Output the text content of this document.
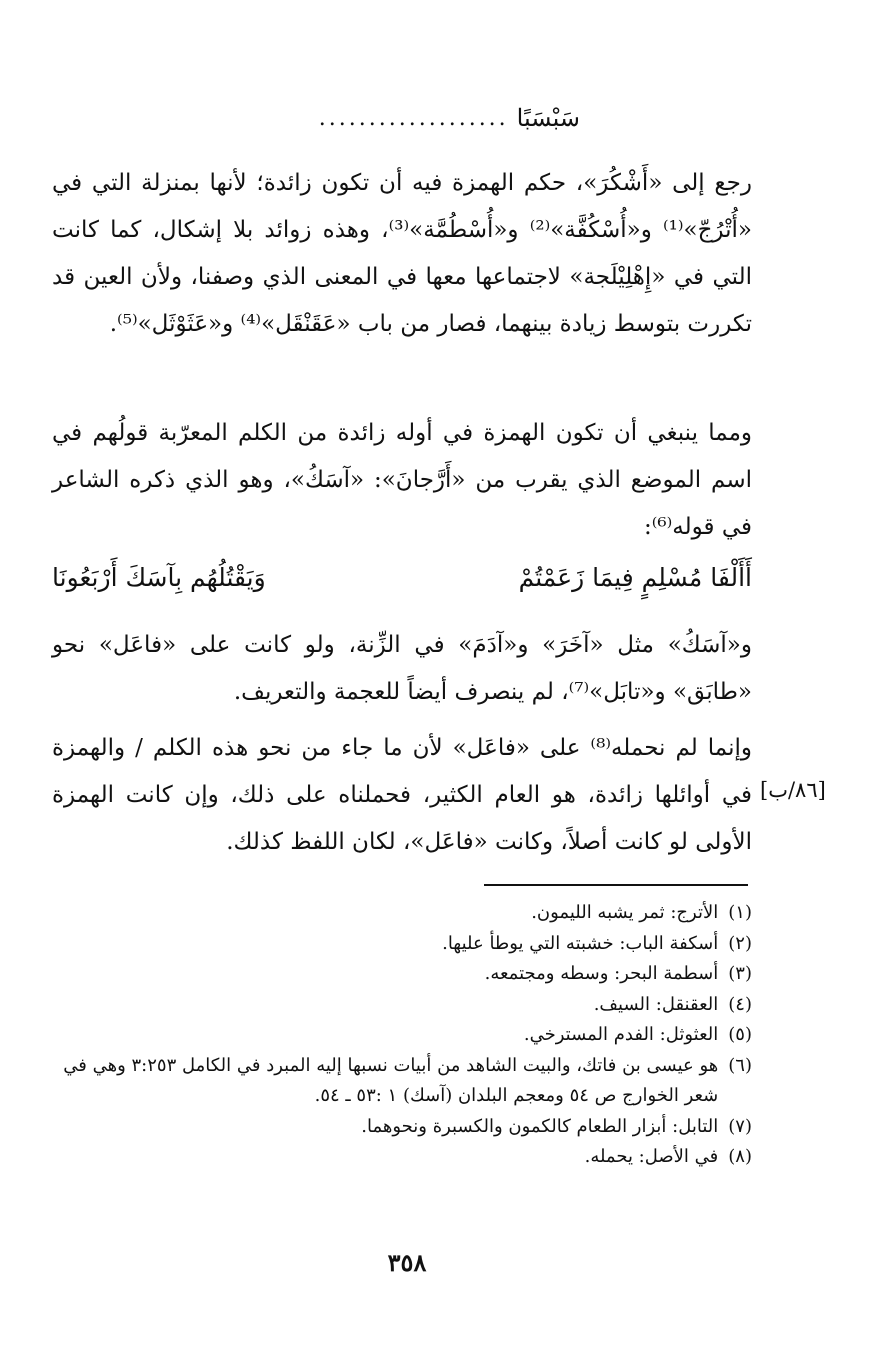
سَبْسَبًا
...................
رجع إلى «أَشْكُرَ»، حكم الهمزة فيه أن تكون زائدة؛ لأنها بمنزلة التي في «أُتْرُجّ»⁽¹⁾ و«أُسْكُفَّة»⁽²⁾ و«أُسْطُمَّة»⁽³⁾، وهذه زوائد بلا إشكال، كما كانت التي في «إِهْلِيْلَجة» لاجتماعها معها في المعنى الذي وصفنا، ولأن العين قد تكررت بتوسط زيادة بينهما، فصار من باب «عَقَنْقَل»⁽⁴⁾ و«عَثَوْثَل»⁽⁵⁾.
ومما ينبغي أن تكون الهمزة في أوله زائدة من الكلم المعرّبة قولُهم في اسم الموضع الذي يقرب من «أَرَّجانَ»: «آسَكُ»، وهو الذي ذكره الشاعر في قوله⁽⁶⁾:
أَأَلْفَا مُسْلِمٍ فِيمَا زَعَمْتُمْ
وَيَقْتُلُهُم بِآسَكَ أَرْبَعُونَا
و«آسَكُ» مثل «آخَرَ» و«آدَمَ» في الزِّنة، ولو كانت على «فاعَل» نحو «طابَق» و«تابَل»⁽⁷⁾، لم ينصرف أيضاً للعجمة والتعريف.
وإنما لم نحمله⁽⁸⁾ على «فاعَل» لأن ما جاء من نحو هذه الكلم / والهمزة في أوائلها زائدة، هو العام الكثير، فحملناه على ذلك، وإن كانت الهمزة الأولى لو كانت أصلاً، وكانت «فاعَل»، لكان اللفظ كذلك.
[٨٦/ب]
(١)
الأترج: ثمر يشبه الليمون.
(٢)
أسكفة الباب: خشبته التي يوطأ عليها.
(٣)
أسطمة البحر: وسطه ومجتمعه.
(٤)
العقنقل: السيف.
(٥)
العثوثل: الفدم المسترخي.
(٦)
هو عيسى بن فاتك، والبيت الشاهد من أبيات نسبها إليه المبرد في الكامل ٣:٢٥٣ وهي في شعر الخوارج ص ٥٤ ومعجم البلدان (آسك) ١ :٥٣ ـ ٥٤.
(٧)
التابل: أبزار الطعام كالكمون والكسبرة ونحوهما.
(٨)
في الأصل: يحمله.
٣٥٨
